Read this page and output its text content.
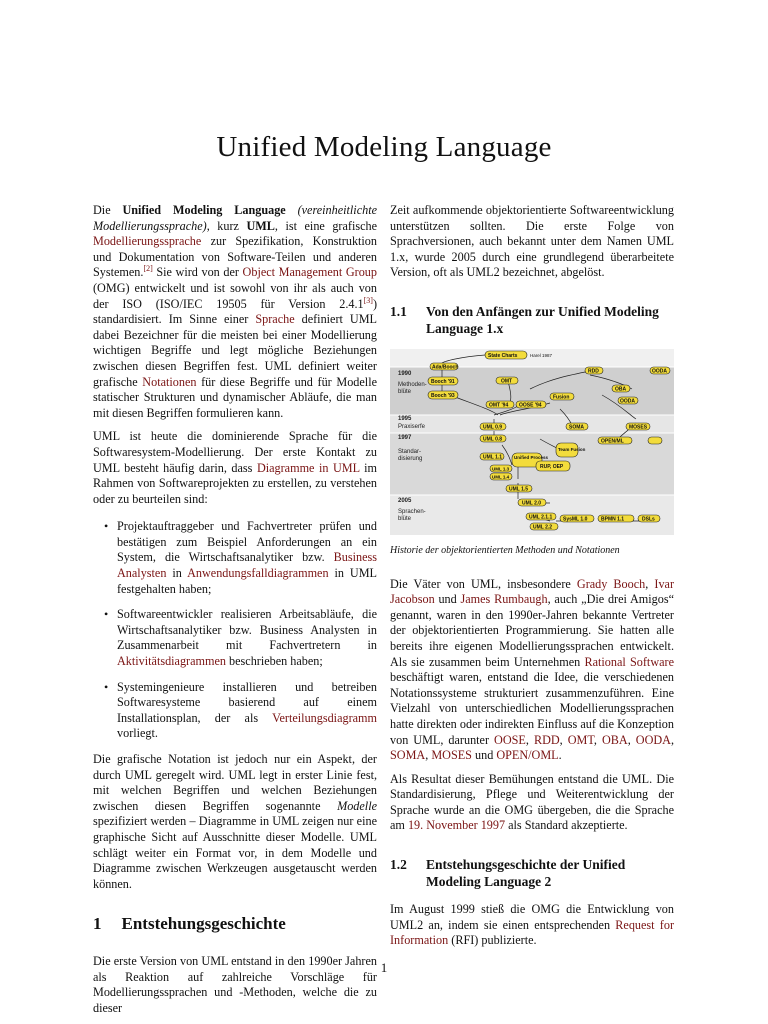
Unified Modeling Language

Die Unified Modeling Language (vereinheitlichte Modellierungssprache), kurz UML, ist eine grafische Modellierungssprache zur Spezifikation, Konstruktion und Dokumentation von Software-Teilen und anderen Systemen.[2] Sie wird von der Object Management Group (OMG) entwickelt und ist sowohl von ihr als auch von der ISO (ISO/IEC 19505 für Version 2.4.1[3]) standardisiert. Im Sinne einer Sprache definiert UML dabei Bezeichner für die meisten bei einer Modellierung wichtigen Begriffe und legt mögliche Beziehungen zwischen diesen Begriffen fest. UML definiert weiter grafische Notationen für diese Begriffe und für Modelle statischer Strukturen und dynamischer Abläufe, die man mit diesen Begriffen formulieren kann.

UML ist heute die dominierende Sprache für die Softwaresystem-Modellierung. Der erste Kontakt zu UML besteht häufig darin, dass Diagramme in UML im Rahmen von Softwareprojekten zu erstellen, zu verstehen oder zu beurteilen sind:

• Projektauftraggeber und Fachvertreter prüfen und bestätigen zum Beispiel Anforderungen an ein System, die Wirtschaftsanalytiker bzw. Business Analysten in Anwendungsfalldiagrammen in UML festgehalten haben;
• Softwareentwickler realisieren Arbeitsabläufe, die Wirtschaftsanalytiker bzw. Business Analysten in Zusammenarbeit mit Fachvertretern in Aktivitätsdiagrammen beschrieben haben;
• Systemingenieure installieren und betreiben Softwaresysteme basierend auf einem Installationsplan, der als Verteilungsdiagramm vorliegt.

Die grafische Notation ist jedoch nur ein Aspekt, der durch UML geregelt wird. UML legt in erster Linie fest, mit welchen Begriffen und welchen Beziehungen zwischen diesen Begriffen sogenannte Modelle spezifiziert werden – Diagramme in UML zeigen nur eine graphische Sicht auf Ausschnitte dieser Modelle. UML schlägt weiter ein Format vor, in dem Modelle und Diagramme zwischen Werkzeugen ausgetauscht werden können.

1 Entstehungsgeschichte

Die erste Version von UML entstand in den 1990er Jahren als Reaktion auf zahlreiche Vorschläge für Modellierungssprachen und -Methoden, welche die zu dieser

Zeit aufkommende objektorientierte Softwareentwicklung unterstützen sollten. Die erste Folge von Sprachversionen, auch bekannt unter dem Namen UML 1.x, wurde 2005 durch eine grundlegend überarbeitete Version, oft als UML2 bezeichnet, abgelöst.

1.1	Von den Anfängen zur Unified Modeling Language 1.x
1990
Methoden-
blüte
1995
Praxiserfe
1997
Standar-
disierung
2005
Sprachen-
blüte
State Charts	Harel 1987
Ada/Booch
Booch '91
Booch '93
OMT
OMT '94 OOSE '94
Fusion
RDD
OBA
OODA
OODA
SOMA	MOSES
UML 0.9
UML 0.8
UML 1.1	Unified Process
Team Fusion
OPEN/ML
RUP, OEP
UML 1.3
UML 1.4
UML 1.5
UML 2.0
UML 2.1.1
UML 2.2
SysML 1.0	BPMN 1.1	DSLs
Historie der objektorientierten Methoden und Notationen

Die Väter von UML, insbesondere Grady Booch, Ivar Jacobson und James Rumbaugh, auch „Die drei Amigos“ genannt, waren in den 1990er-Jahren bekannte Vertreter der objektorientierten Programmierung. Sie hatten alle bereits ihre eigenen Modellierungssprachen entwickelt. Als sie zusammen beim Unternehmen Rational Software beschäftigt waren, entstand die Idee, die verschiedenen Notationssysteme strukturiert zusammenzuführen. Eine Vielzahl von unterschiedlichen Modellierungssprachen hatte direkten oder indirekten Einfluss auf die Konzeption von UML, darunter OOSE, RDD, OMT, OBA, OODA, SOMA, MOSES und OPEN/OML.

Als Resultat dieser Bemühungen entstand die UML. Die Standardisierung, Pflege und Weiterentwicklung der Sprache wurde an die OMG übergeben, die die Sprache am 19. November 1997 als Standard akzeptierte.

1.2	Entstehungsgeschichte der Unified Modeling Language 2

Im August 1999 stieß die OMG die Entwicklung von UML2 an, indem sie einen entsprechenden Request for Information (RFI) publizierte.

1
